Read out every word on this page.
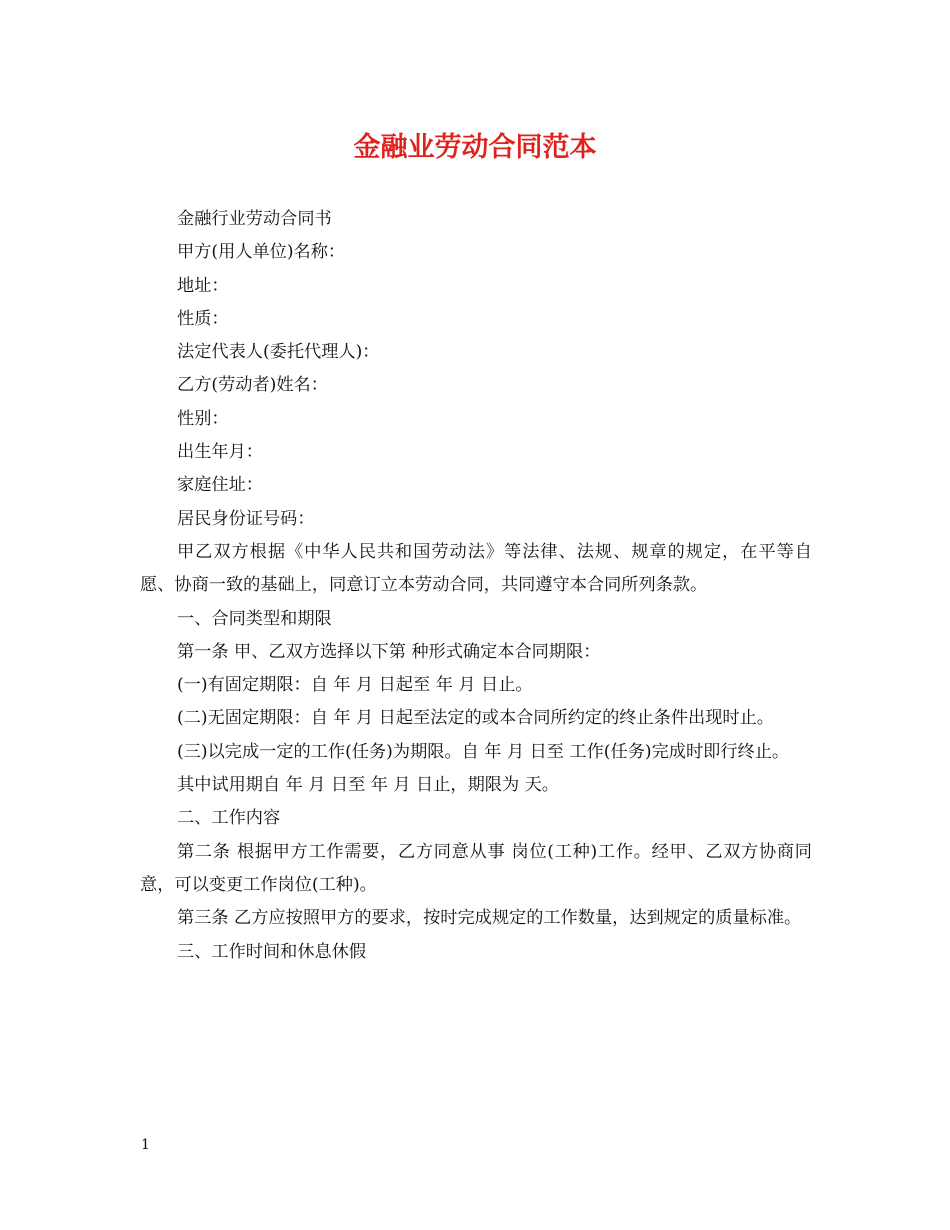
金融业劳动合同范本

金融行业劳动合同书

甲方(用人单位)名称：

地址：

性质：

法定代表人(委托代理人)：

乙方(劳动者)姓名：

性别：

出生年月：

家庭住址：

居民身份证号码：

甲乙双方根据《中华人民共和国劳动法》等法律、法规、规章的规定，在平等自愿、协商一致的基础上，同意订立本劳动合同，共同遵守本合同所列条款。

一、合同类型和期限

第一条 甲、乙双方选择以下第 种形式确定本合同期限：

(一)有固定期限：自 年 月 日起至 年 月 日止。

(二)无固定期限：自 年 月 日起至法定的或本合同所约定的终止条件出现时止。

(三)以完成一定的工作(任务)为期限。自 年 月 日至 工作(任务)完成时即行终止。

其中试用期自 年 月 日至 年 月 日止，期限为 天。

二、工作内容

第二条 根据甲方工作需要，乙方同意从事 岗位(工种)工作。经甲、乙双方协商同意，可以变更工作岗位(工种)。

第三条 乙方应按照甲方的要求，按时完成规定的工作数量，达到规定的质量标准。

三、工作时间和休息休假

1
